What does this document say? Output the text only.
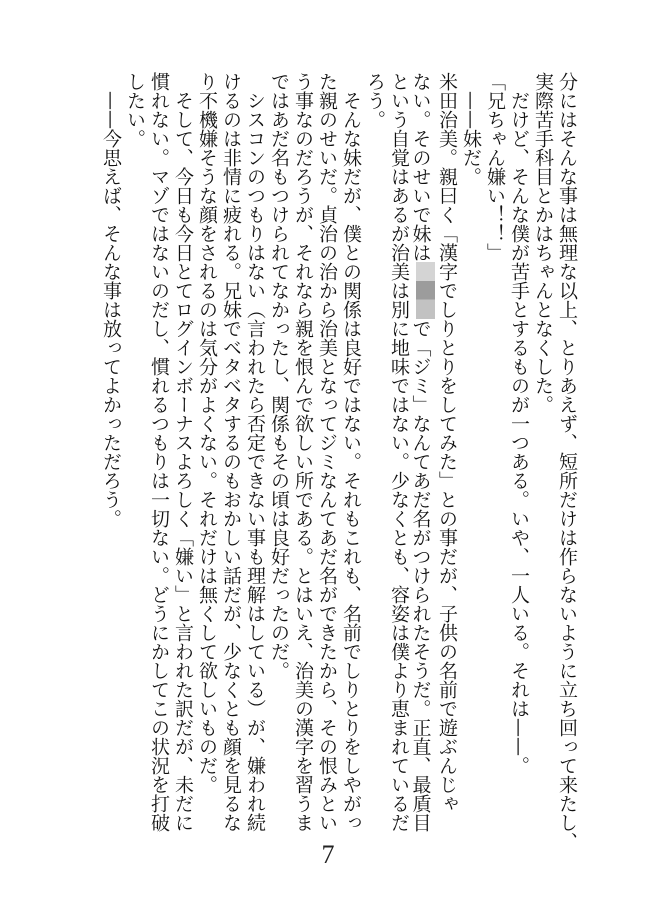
分にはそんな事は無理な以上、とりあえず、短所だけは作らないように立ち回って来たし、
実際苦手科目とかはちゃんとなくした。
　だけど、そんな僕が苦手とするものが一つある。いや、一人いる。それは——。
「兄ちゃん嫌い！！」
　——妹だ。
米田治美。親曰く「漢字でしりとりをしてみた」との事だが、子供の名前で遊ぶんじゃ
ない。そのせいで妹はで「ジミ」なんてあだ名がつけられたそうだ。正直、最貭目
という自覚はあるが治美は別に地味ではない。少なくとも、容姿は僕より恵まれているだ
ろう。
　そんな妹だが、僕との関係は良好ではない。それもこれも、名前でしりとりをしやがっ
た親のせいだ。貞治の治から治美となってジミなんてあだ名ができたから、その恨みとい
う事なのだろうが、それなら親を恨んで欲しい所である。とはいえ、治美の漢字を習うま
ではあだ名もつけられてなかったし、関係もその頃は良好だったのだ。
　シスコンのつもりはない（言われたら否定できない事も理解はしている）が、嫌われ続
けるのは非情に疲れる。兄妹でベタベタするのもおかしい話だが、少なくとも顔を見るな
り不機嫌そうな顔をされるのは気分がよくない。それだけは無くして欲しいものだ。
　そして、今日も今日とてログインボーナスよろしく「嫌い」と言われた訳だが、未だに
慣れない。マゾではないのだし、慣れるつもりは一切ない。どうにかしてこの状況を打破
したい。
　——今思えば、そんな事は放ってよかっただろう。
7
